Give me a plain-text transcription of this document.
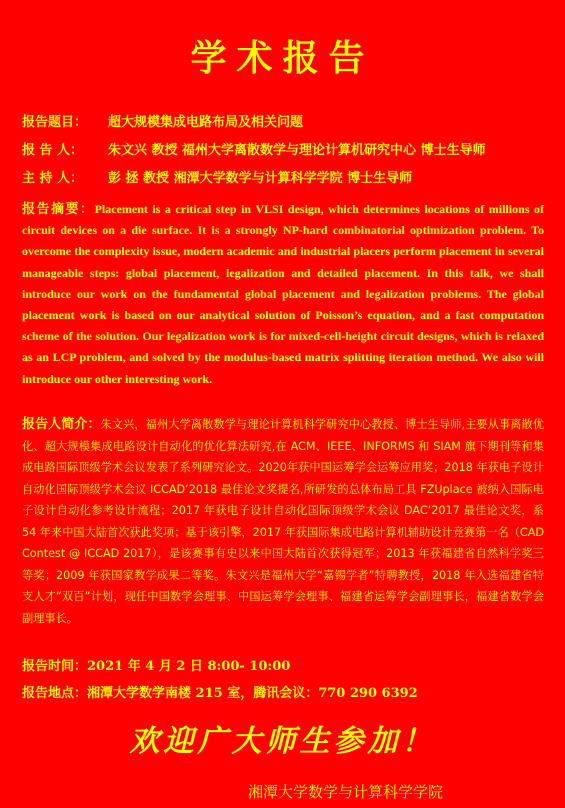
学术报告
报告题目： 超大规模集成电路布局及相关问题
报 告 人： 朱文兴 教授 福州大学离散数学与理论计算机研究中心 博士生导师
主 持 人： 彭 拯 教授 湘潭大学数学与计算科学学院 博士生导师
报告摘要：Placement is a critical step in VLSI design, which determines locations of millions of circuit devices on a die surface. It is a strongly NP-hard combinatorial optimization problem. To overcome the complexity issue, modern academic and industrial placers perform placement in several manageable steps: global placement, legalization and detailed placement. In this talk, we shall introduce our work on the fundamental global placement and legalization problems. The global placement work is based on our analytical solution of Poisson’s equation, and a fast computation scheme of the solution. Our legalization work is for mixed-cell-height circuit designs, which is relaxed as an LCP problem, and solved by the modulus-based matrix splitting iteration method. We also will introduce our other interesting work.
报告人简介：朱文兴，福州大学离散数学与理论计算机科学研究中心教授、博士生导师,主要从事离散优化、超大规模集成电路设计自动化的优化算法研究,在 ACM、IEEE、INFORMS 和 SIAM 旗下期刊等和集成电路国际顶级学术会议发表了系列研究论文。2020年获中国运筹学会运筹应用奖；2018 年获电子设计自动化国际顶级学术会议 ICCAD’2018 最佳论文奖提名,所研发的总体布局工具 FZUplace 被纳入国际电子设计自动化参考设计流程；2017 年获电子设计自动化国际顶级学术会议 DAC’2017 最佳论文奖，系 54 年来中国大陆首次获此奖项；基于该引擎，2017 年获国际集成电路计算机辅助设计竞赛第一名（CAD Contest @ ICCAD 2017），是该赛事有史以来中国大陆首次获得冠军；2013 年获福建省自然科学奖三等奖；2009 年获国家教学成果二等奖。朱文兴是福州大学“嘉锡学者”特聘教授，2018 年入选福建省特支人才“双百”计划，现任中国数学会理事、中国运筹学会理事、福建省运筹学会副理事长，福建省数学会副理事长。
报告时间：2021 年 4 月 2 日 8:00- 10:00
报告地点：湘潭大学数学南楼 215 室，腾讯会议：770 290 6392
欢迎广大师生参加！
湘潭大学数学与计算科学学院
